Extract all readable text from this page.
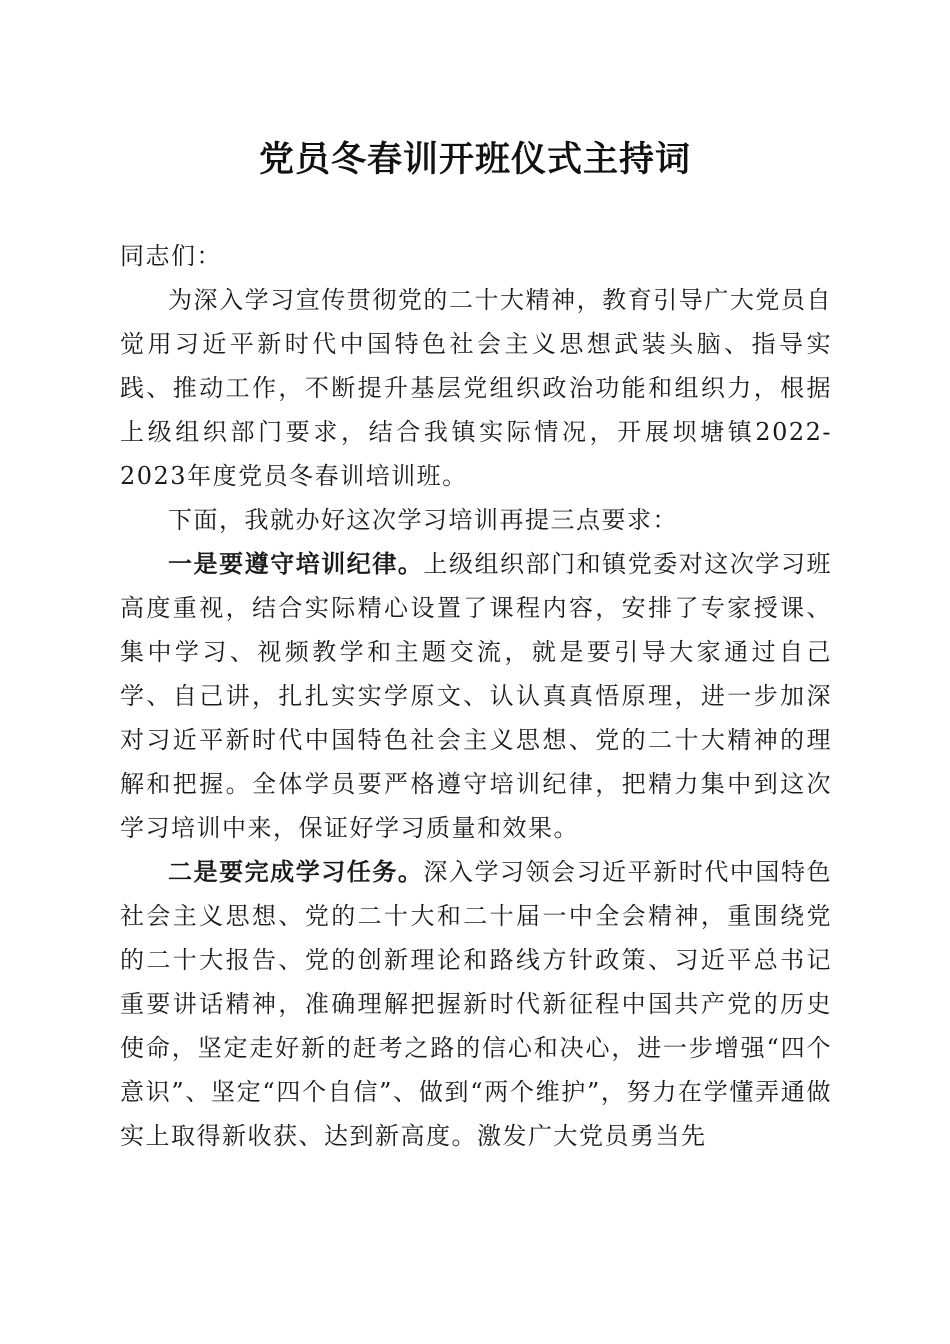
党员冬春训开班仪式主持词

同志们：

为深入学习宣传贯彻党的二十大精神，教育引导广大党员自觉用习近平新时代中国特色社会主义思想武装头脑、指导实践、推动工作，不断提升基层党组织政治功能和组织力，根据上级组织部门要求，结合我镇实际情况，开展坝塘镇2022-2023年度党员冬春训培训班。

下面，我就办好这次学习培训再提三点要求：

一是要遵守培训纪律。上级组织部门和镇党委对这次学习班高度重视，结合实际精心设置了课程内容，安排了专家授课、集中学习、视频教学和主题交流，就是要引导大家通过自己学、自己讲，扎扎实实学原文、认认真真悟原理，进一步加深对习近平新时代中国特色社会主义思想、党的二十大精神的理解和把握。全体学员要严格遵守培训纪律，把精力集中到这次学习培训中来，保证好学习质量和效果。

二是要完成学习任务。深入学习领会习近平新时代中国特色社会主义思想、党的二十大和二十届一中全会精神，重围绕党的二十大报告、党的创新理论和路线方针政策、习近平总书记重要讲话精神，准确理解把握新时代新征程中国共产党的历史使命，坚定走好新的赶考之路的信心和决心，进一步增强“四个意识”、坚定“四个自信”、做到“两个维护”，努力在学懂弄通做实上取得新收获、达到新高度。激发广大党员勇当先
